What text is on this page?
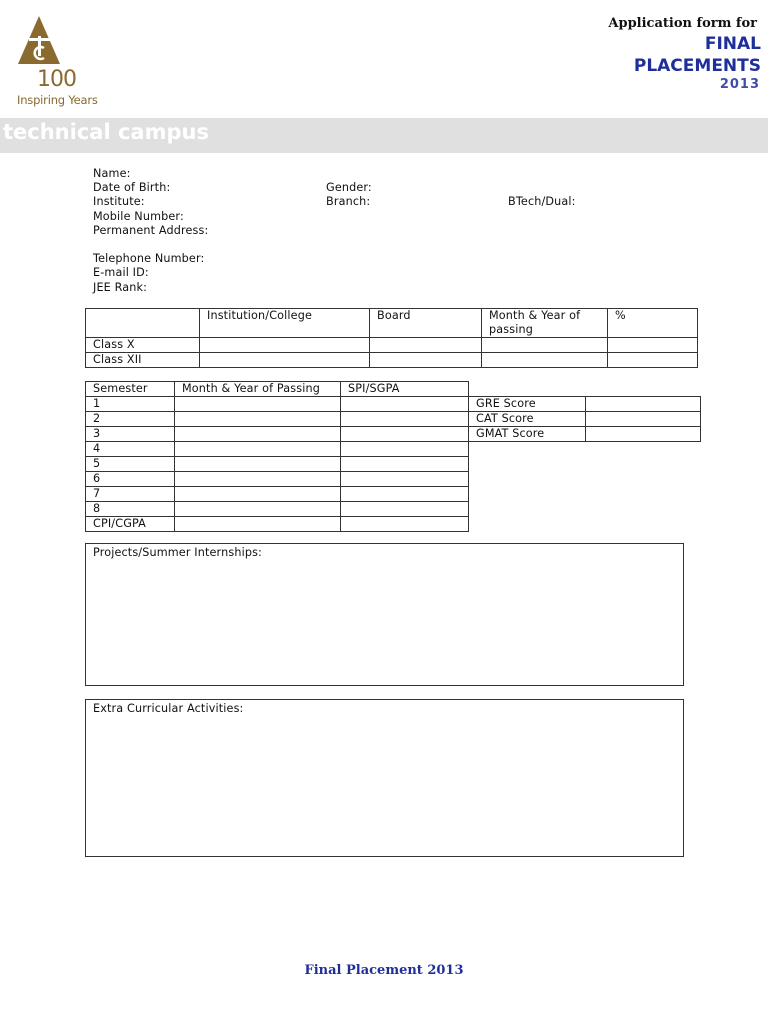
100
Inspiring Years
Application form for
FINAL PLACEMENTS
2013
technical campus
Name:
Date of Birth:	Gender:
Institute:	Branch:	BTech/Dual:
Mobile Number:
Permanent Address:
Telephone Number:
E-mail ID:
JEE Rank:
	Institution/College	Board	Month & Year of passing	%
Class X				
Class XII				
Semester	Month & Year of Passing	SPI/SGPA
1		
2		
3		
4		
5		
6		
7		
8		
CPI/CGPA		
GRE Score	
CAT Score	
GMAT Score	
Projects/Summer Internships:
Extra Curricular Activities:
Final Placement 2013
